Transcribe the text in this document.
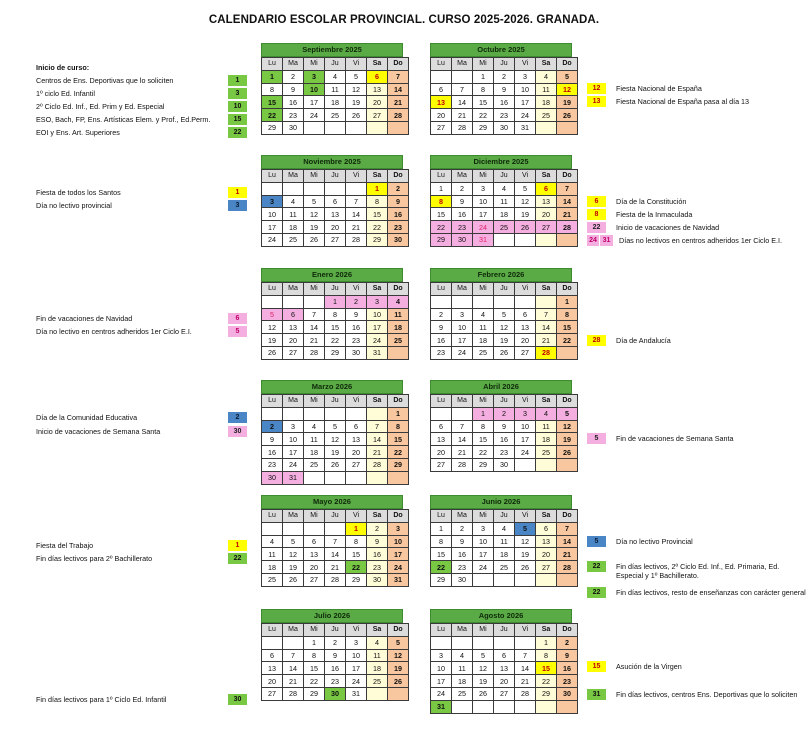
CALENDARIO ESCOLAR PROVINCIAL. CURSO 2025-2026. GRANADA.
Septiembre 2025
Lu	Ma	Mi	Ju	Vi	Sa	Do
1	2	3	4	5	6	7
8	9	10	11	12	13	14
15	16	17	18	19	20	21
22	23	24	25	26	27	28
29	30					
Octubre 2025
Lu	Ma	Mi	Ju	Vi	Sa	Do
		1	2	3	4	5
6	7	8	9	10	11	12
13	14	15	16	17	18	19
20	21	22	23	24	25	26
27	28	29	30	31		
Noviembre 2025
Lu	Ma	Mi	Ju	Vi	Sa	Do
					1	2
3	4	5	6	7	8	9
10	11	12	13	14	15	16
17	18	19	20	21	22	23
24	25	26	27	28	29	30
Diciembre 2025
Lu	Ma	Mi	Ju	Vi	Sa	Do
1	2	3	4	5	6	7
8	9	10	11	12	13	14
15	16	17	18	19	20	21
22	23	24	25	26	27	28
29	30	31				
Enero 2026
Lu	Ma	Mi	Ju	Vi	Sa	Do
			1	2	3	4
5	6	7	8	9	10	11
12	13	14	15	16	17	18
19	20	21	22	23	24	25
26	27	28	29	30	31	
Febrero 2026
Lu	Ma	Mi	Ju	Vi	Sa	Do
						1
2	3	4	5	6	7	8
9	10	11	12	13	14	15
16	17	18	19	20	21	22
23	24	25	26	27	28	
Marzo 2026
Lu	Ma	Mi	Ju	Vi	Sa	Do
						1
2	3	4	5	6	7	8
9	10	11	12	13	14	15
16	17	18	19	20	21	22
23	24	25	26	27	28	29
30	31					
Abril 2026
Lu	Ma	Mi	Ju	Vi	Sa	Do
		1	2	3	4	5
6	7	8	9	10	11	12
13	14	15	16	17	18	19
20	21	22	23	24	25	26
27	28	29	30			
Mayo 2026
Lu	Ma	Mi	Ju	Vi	Sa	Do
				1	2	3
4	5	6	7	8	9	10
11	12	13	14	15	16	17
18	19	20	21	22	23	24
25	26	27	28	29	30	31
Junio 2026
Lu	Ma	Mi	Ju	Vi	Sa	Do
1	2	3	4	5	6	7
8	9	10	11	12	13	14
15	16	17	18	19	20	21
22	23	24	25	26	27	28
29	30					
Julio 2026
Lu	Ma	Mi	Ju	Vi	Sa	Do
		1	2	3	4	5
6	7	8	9	10	11	12
13	14	15	16	17	18	19
20	21	22	23	24	25	26
27	28	29	30	31		
Agosto 2026
Lu	Ma	Mi	Ju	Vi	Sa	Do
					1	2
3	4	5	6	7	8	9
10	11	12	13	14	15	16
17	18	19	20	21	22	23
24	25	26	27	28	29	30
31						
Inicio de curso:
Centros de Ens. Deportivas que lo soliciten	1
1º ciclo Ed. Infantil	3
2º Ciclo Ed. Inf., Ed. Prim y Ed. Especial	10
ESO, Bach, FP, Ens. Artísticas Elem. y Prof., Ed.Perm.	15
EOI y Ens. Art. Superiores	22
Fiesta de todos los Santos	1
Día no lectivo provincial	3
Fin de vacaciones de Navidad	6
Día no lectivo en centros adheridos 1er Ciclo E.I.	5
Día de la Comunidad Educativa	2
Inicio de vacaciones de Semana Santa	30
Fiesta del Trabajo	1
Fin días lectivos para 2º Bachillerato	22
Fin días lectivos para 1º Ciclo Ed. Infantil	30
12	Fiesta Nacional de España
13	Fiesta Nacional de España pasa al día 13
6	Día de la Constitución
8	Fiesta de la Inmaculada
22	Inicio de vacaciones de Navidad
24 31	Días no lectivos en centros adheridos 1er Ciclo E.I.
28	Día de Andalucía
5	Fin de vacaciones de Semana Santa
5	Día no lectivo Provincial
22	Fin días lectivos, 2º Ciclo Ed. Inf., Ed. Primaria, Ed. Especial y 1º Bachillerato.
22	Fin días lectivos, resto de enseñanzas con carácter general
15	Asución de la Virgen
31	Fin días lectivos, centros Ens. Deportivas que lo soliciten
